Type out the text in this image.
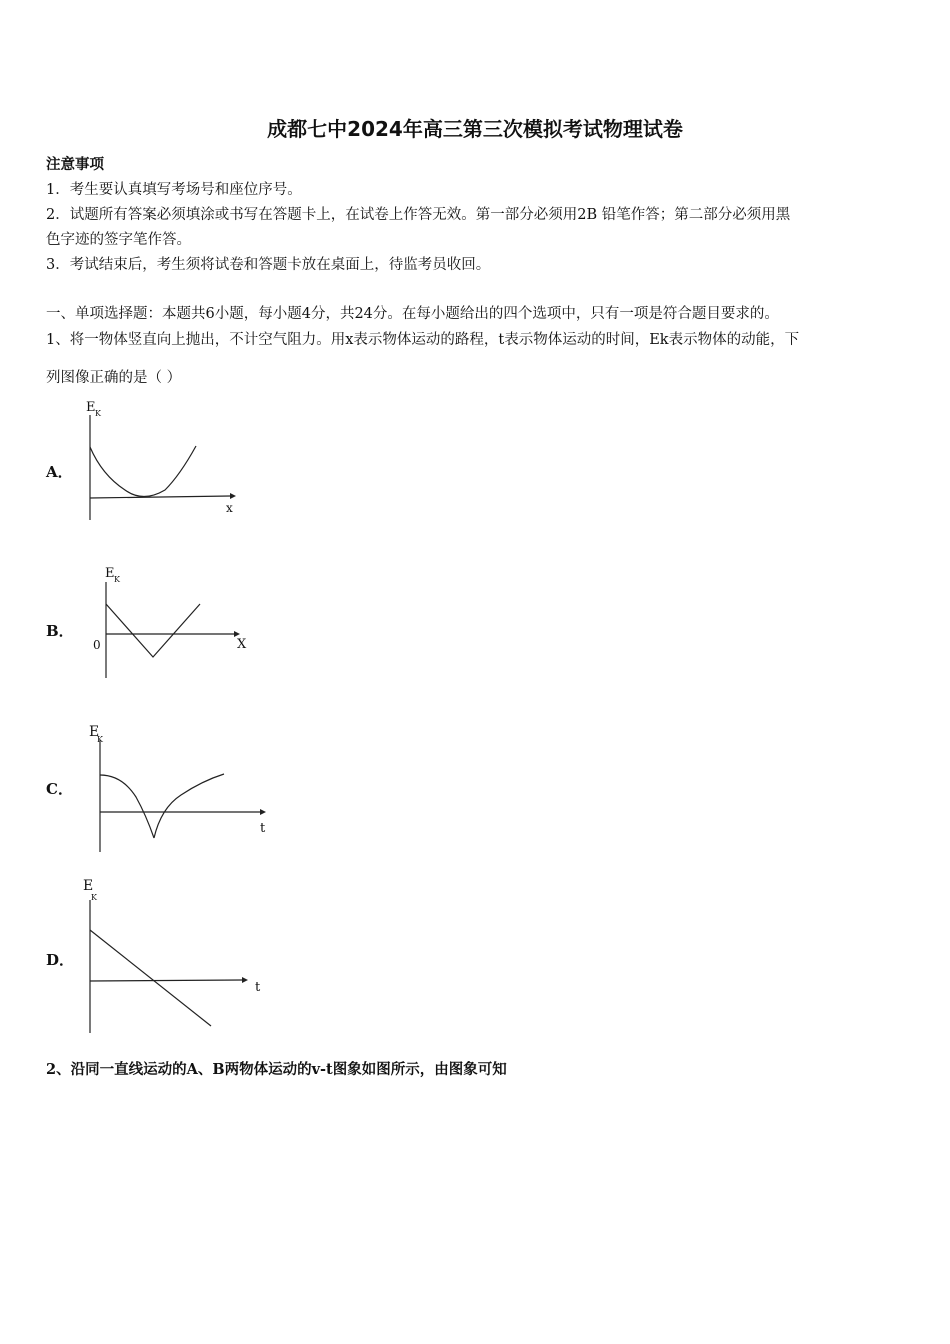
成都七中2024年高三第三次模拟考试物理试卷
注意事项
1．考生要认真填写考场号和座位序号。
2．试题所有答案必须填涂或书写在答题卡上，在试卷上作答无效。第一部分必须用2B 铅笔作答；第二部分必须用黑
色字迹的签字笔作答。
3．考试结束后，考生须将试卷和答题卡放在桌面上，待监考员收回。
一、单项选择题：本题共6小题，每小题4分，共24分。在每小题给出的四个选项中，只有一项是符合题目要求的。
1、将一物体竖直向上抛出，不计空气阻力。用x表示物体运动的路程，t表示物体运动的时间，Ek表示物体的动能，下
列图像正确的是（ ）
A．
E K
x
B．
E K
0	X
C．
E
K
t
D．
E
K
t
2、沿同一直线运动的A、B两物体运动的v-t图象如图所示，由图象可知
